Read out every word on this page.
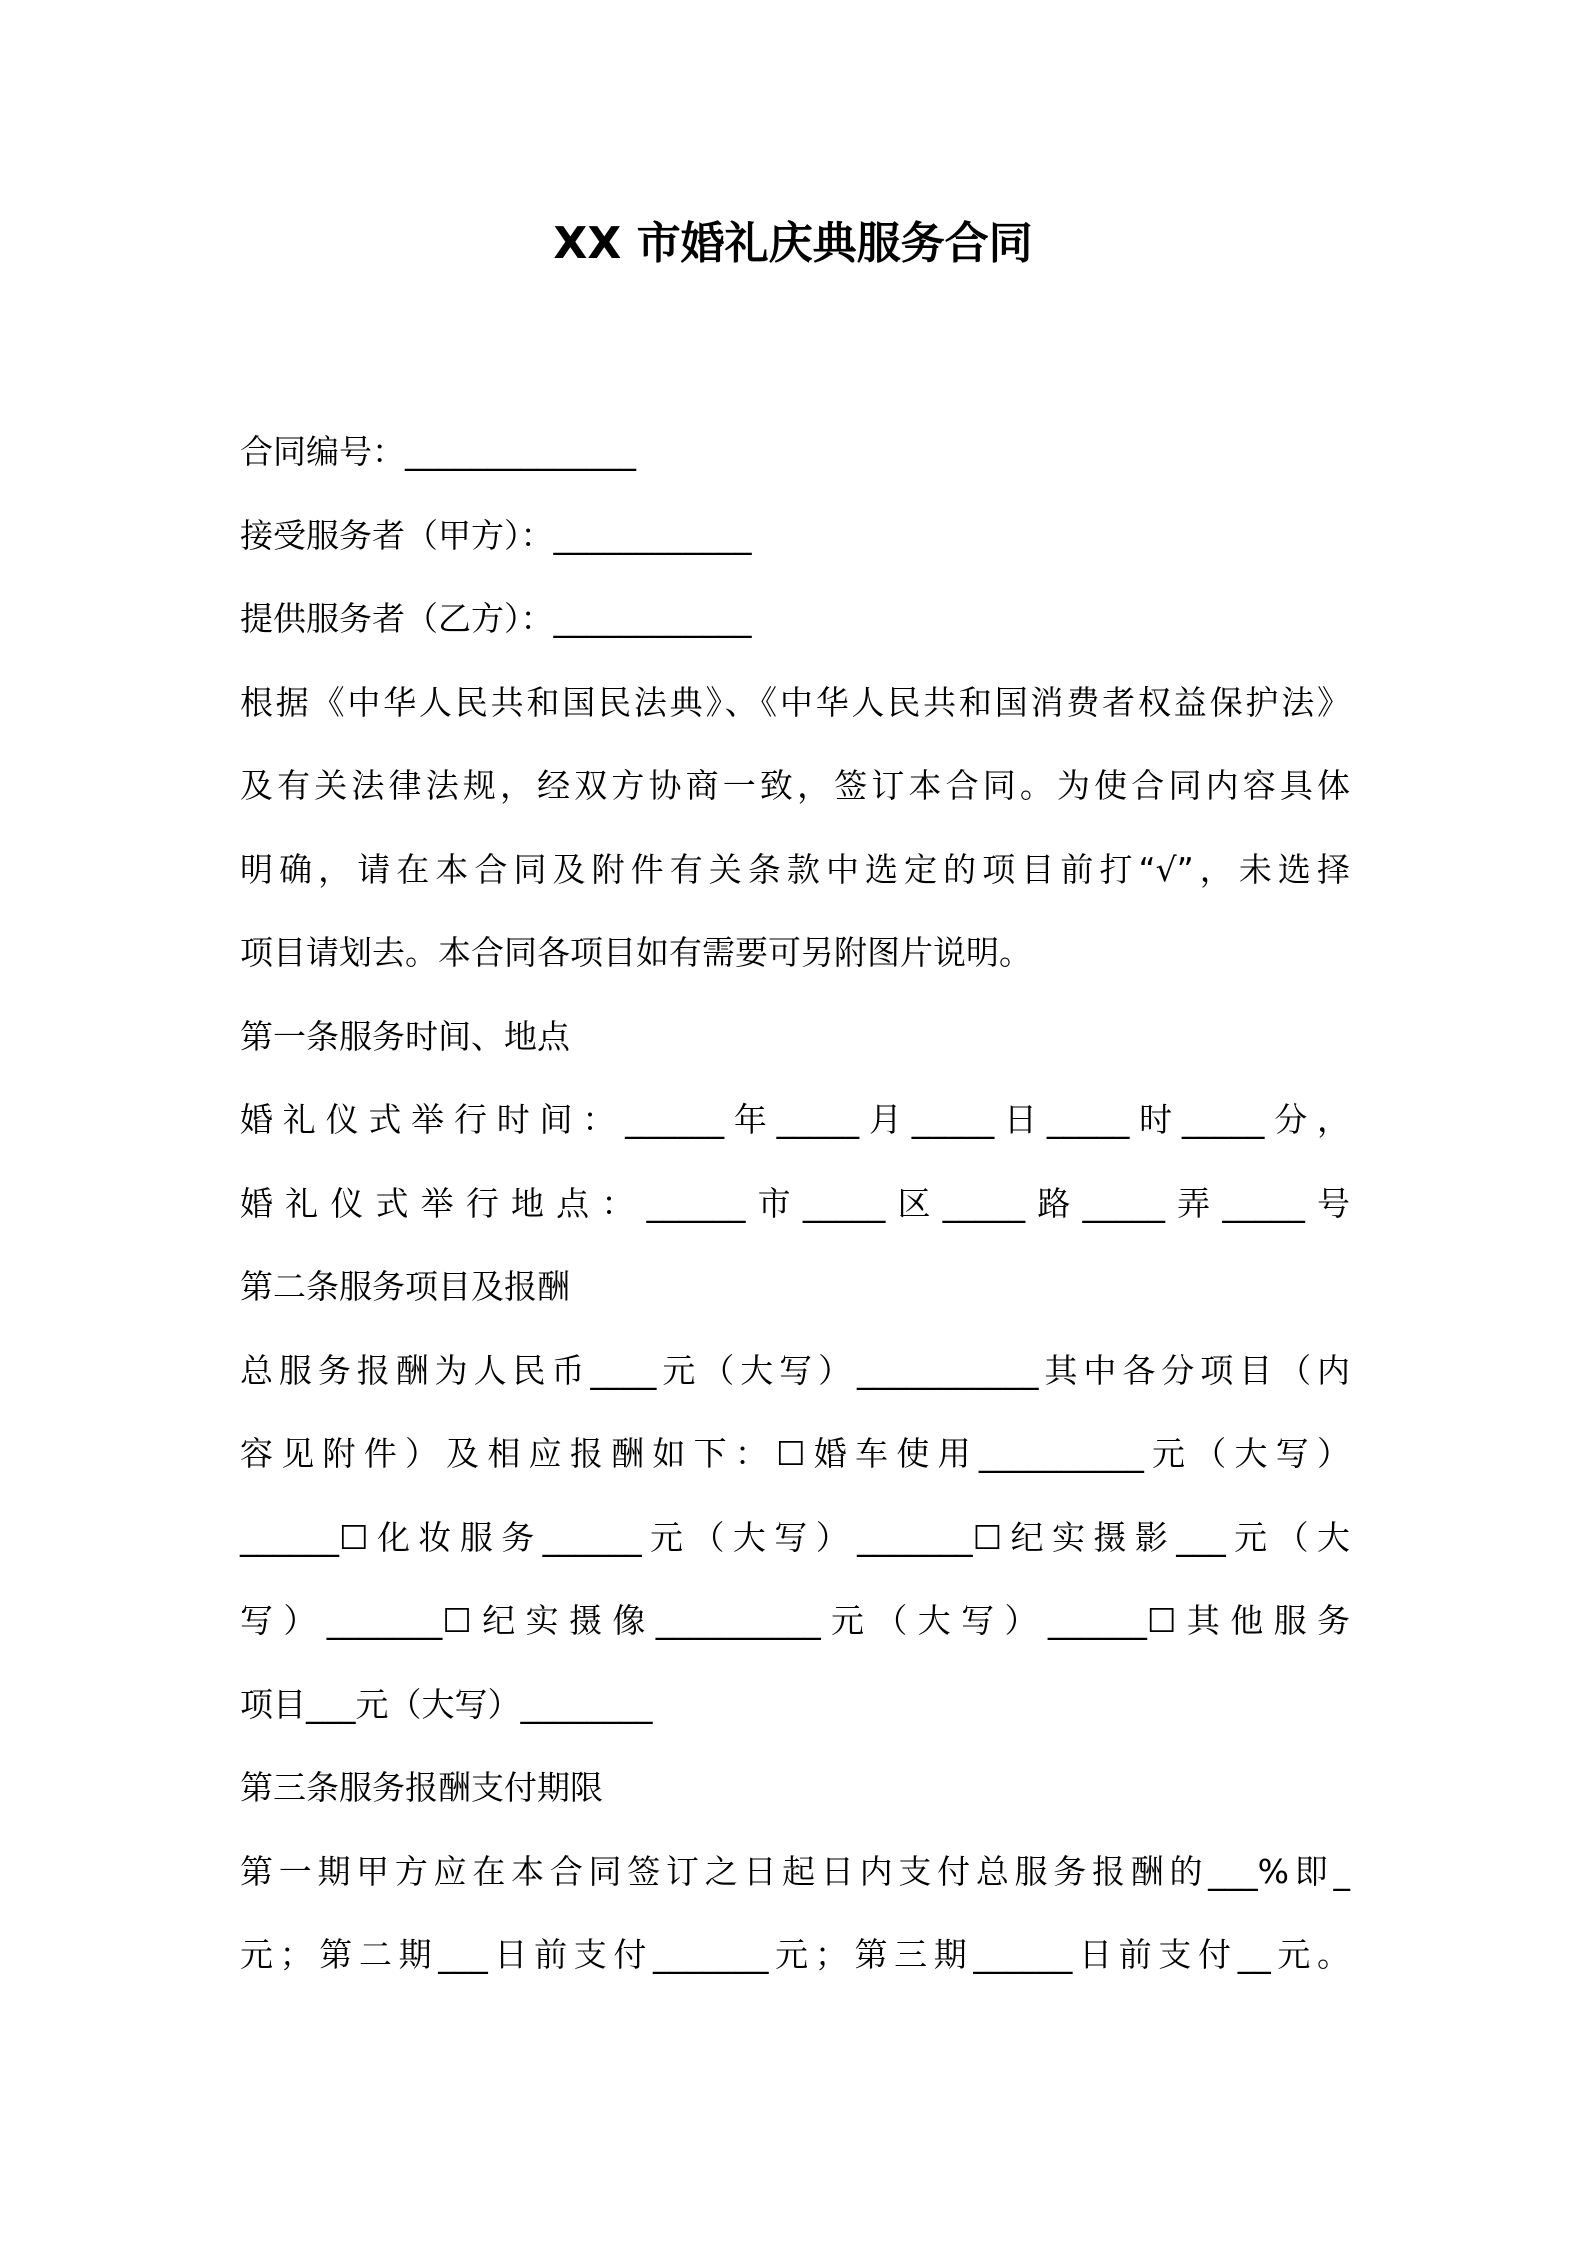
XX 市婚礼庆典服务合同
合同编号：______________
接受服务者（甲方）：____________
提供服务者（乙方）：____________
根据《中华人民共和国民法典》、《中华人民共和国消费者权益保护法》
及有关法律法规，经双方协商一致，签订本合同。为使合同内容具体
明确，请在本合同及附件有关条款中选定的项目前打“√”，未选择
项目请划去。本合同各项目如有需要可另附图片说明。
第一条服务时间、地点
婚礼仪式举行时间：______年_____月_____日_____时_____分，
婚礼仪式举行地点：______市_____区_____路_____弄_____号
第二条服务项目及报酬
总服务报酬为人民币____元（大写）___________其中各分项目（内
容见附件）及相应报酬如下：☐婚车使用__________元（大写）
______☐化妆服务______元（大写）_______☐纪实摄影___元（大
写）_______☐纪实摄像__________元（大写）______☐其他服务
项目___元（大写）________
第三条服务报酬支付期限
第一期甲方应在本合同签订之日起日内支付总服务报酬的___%即_
元；第二期___日前支付_______元；第三期______日前支付__元。
